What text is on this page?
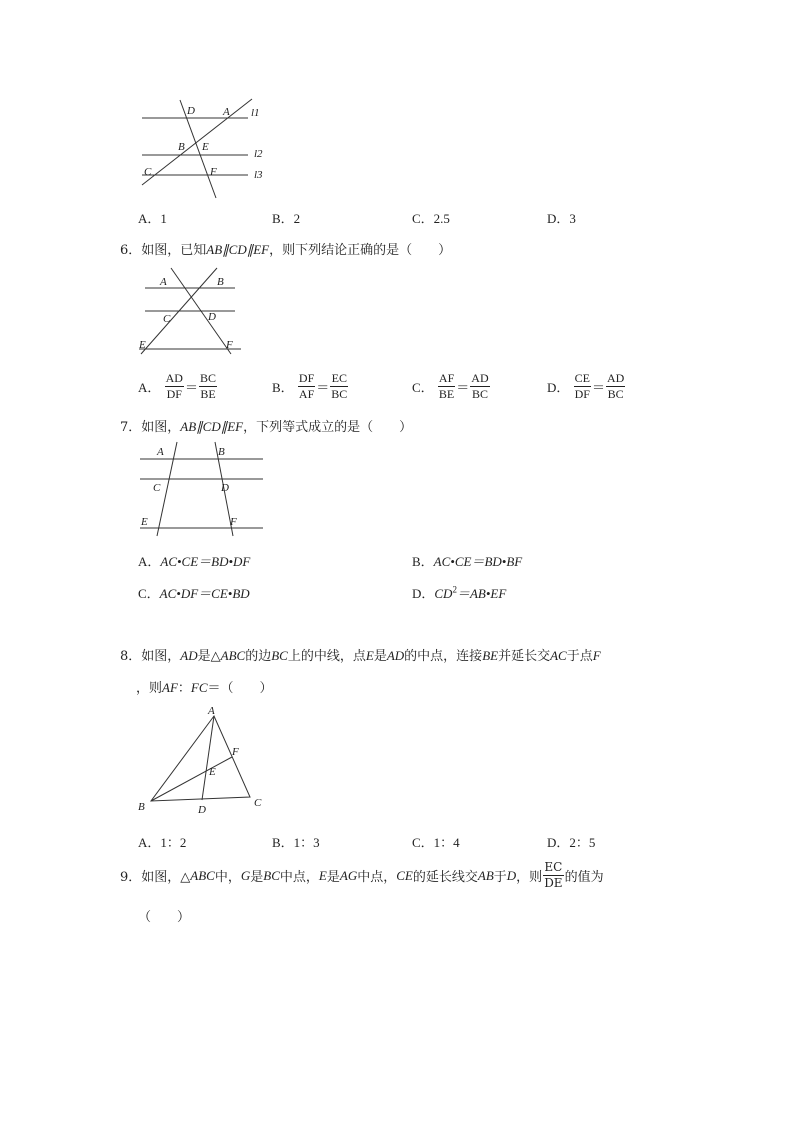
D	A l1
B E
l2
C	F	l3
A．1	B．2	C．2.5	D．3
6．如图，已知AB∥CD∥EF，则下列结论正确的是（　　）
A	B
C	D
E	F
A． $\frac{AD}{DF} = \frac{BC}{BE}$	B． $\frac{DF}{AF} = \frac{EC}{BC}$	C． $\frac{AF}{BE} = \frac{AD}{BC}$	D． $\frac{CE}{DF} = \frac{AD}{BC}$
7．如图，AB∥CD∥EF，下列等式成立的是（　　）
A	B
C	D
E	F
A．AC•CE＝BD•DF	B．AC•CE＝BD•BF
C．AC•DF＝CE•BD	D．$CD^2=AB•EF$
8．如图，AD是△ABC的边BC上的中线，点E是AD的中点，连接BE并延长交AC于点F
，则AF：FC＝（　　）
A
F
E
B	D
C
A．1：2	B．1：3	C．1：4	D．2：5
9．如图，△ABC中，G是BC中点，E是AG中点，CE的延长线交AB于D，则 $\frac{EC}{DE}$ 的值为
（　　）
